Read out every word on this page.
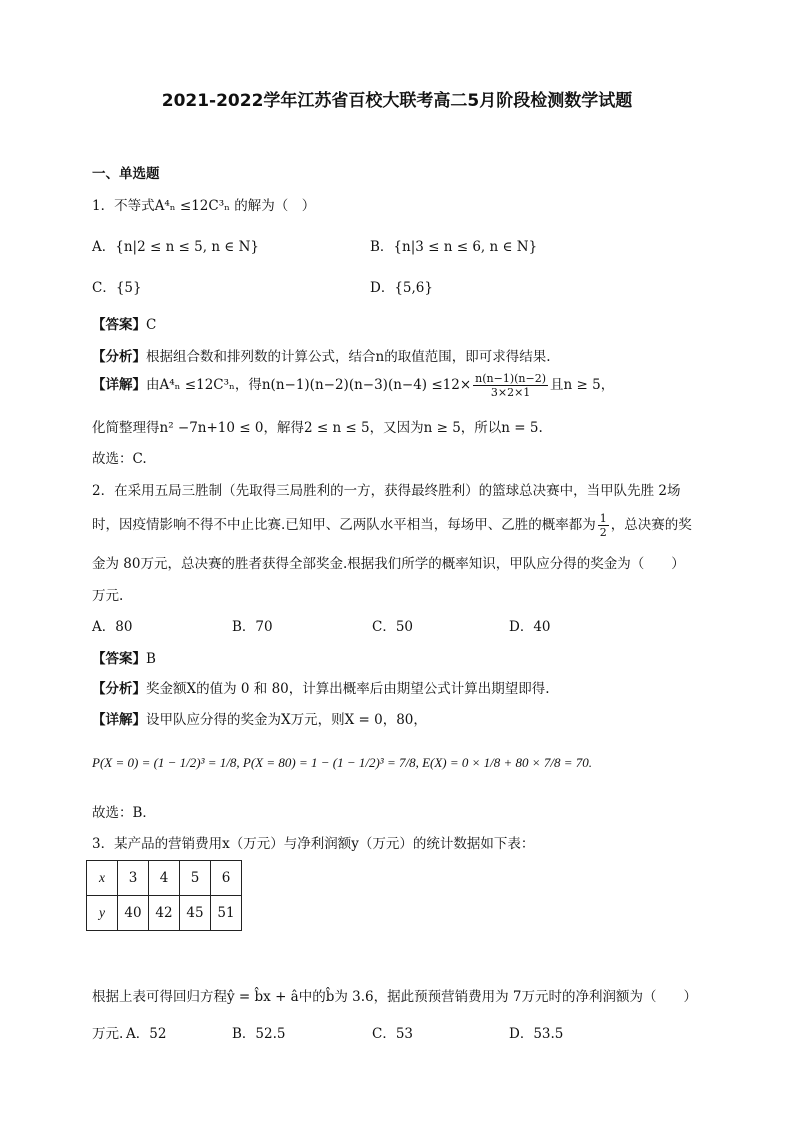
2021-2022学年江苏省百校大联考高二5月阶段检测数学试题
一、单选题
1．不等式A⁴ₙ ≤12C³ₙ 的解为（　）
A．{n|2 ≤ n ≤ 5, n ∈ N}	B．{n|3 ≤ n ≤ 6, n ∈ N}
C．{5}	D．{5,6}
【答案】C
【分析】根据组合数和排列数的计算公式，结合n的取值范围，即可求得结果.
【详解】由A⁴ₙ ≤12C³ₙ，得$n(n-1)(n-2)(n-3)(n-4) \le 12\times \frac{n(n-1)(n-2)}{3\times 2\times 1}$ 且n ≥ 5，
化简整理得n² −7n+10 ≤ 0，解得2 ≤ n ≤ 5，又因为n ≥ 5，所以n = 5.
故选：C.
2．在采用五局三胜制（先取得三局胜利的一方，获得最终胜利）的篮球总决赛中，当甲队先胜 2场
时，因疫情影响不得不中止比赛.已知甲、乙两队水平相当，每场甲、乙胜的概率都为 $\frac{1}{2}$ ，总决赛的奖
金为 80万元，总决赛的胜者获得全部奖金.根据我们所学的概率知识，甲队应分得的奖金为（　　）
万元.
A．80	B．70	C．50	D．40
【答案】B
【分析】奖金额X的值为 0 和 80，计算出概率后由期望公式计算出期望即得.
【详解】设甲队应分得的奖金为X万元，则X = 0，80，
P(X = 0) = (1 − 1/2)³ = 1/8, P(X = 80) = 1 − (1 − 1/2)³ = 7/8, E(X) = 0 × 1/8 + 80 × 7/8 = 70.
故选：B．
3．某产品的营销费用x（万元）与净利润额y（万元）的统计数据如下表：
x	3	4	5	6
y	40	42	45	51
根据上表可得回归方程ŷ = b̂x + â中的b̂为 3.6，据此预预营销费用为 7万元时的净利润额为（　　）
万元. A．52	B．52.5	C．53	D．53.5
